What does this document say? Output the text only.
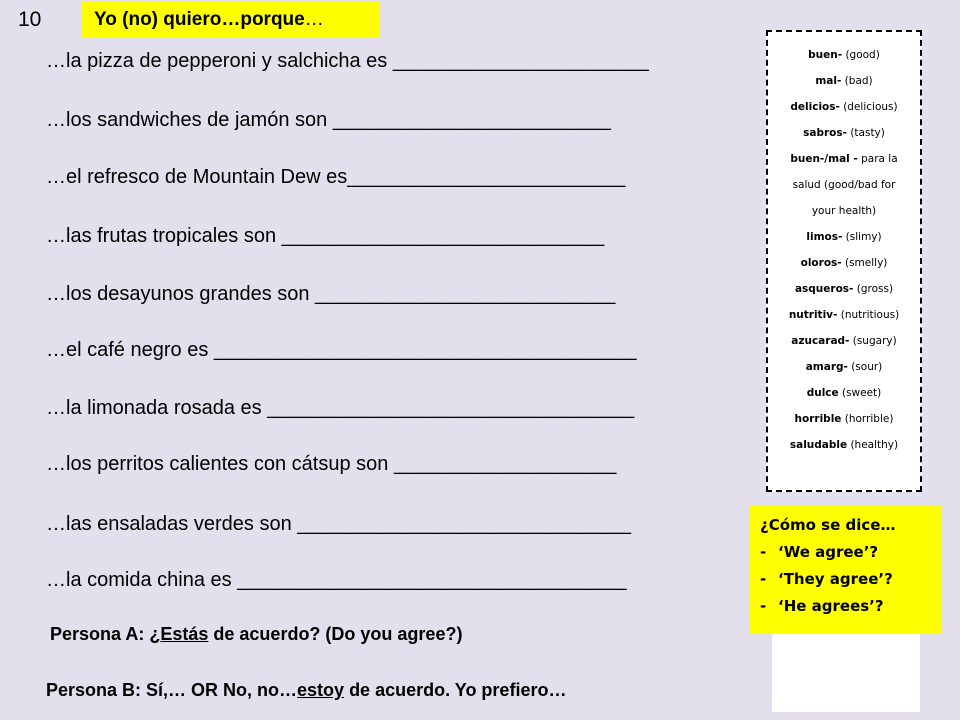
10	Yo (no) quiero…porque…
…la pizza de pepperoni y salchicha es _______________________
…los sandwiches de jamón son _________________________
…el refresco de Mountain Dew es_________________________
…las frutas tropicales son _____________________________
…los desayunos grandes son ___________________________
…el café negro es ______________________________________
…la limonada rosada es _________________________________
…los perritos calientes con cátsup son ____________________
…las ensaladas verdes son ______________________________
…la comida china es ___________________________________
buen- (good)
mal- (bad)
delicios- (delicious)
sabros- (tasty)
buen-/mal - para la
salud (good/bad for
your health)
limos- (slimy)
oloros- (smelly)
asqueros- (gross)
nutritiv- (nutritious)
azucarad- (sugary)
amarg- (sour)
dulce (sweet)
horrible (horrible)
saludable (healthy)
¿Cómo se dice…
- ‘We agree’?
- ‘They agree’?
- ‘He agrees’?
Persona A: ¿Estás de acuerdo? (Do you agree?)
Persona B: Sí,… OR No, no…estoy de acuerdo. Yo prefiero…
